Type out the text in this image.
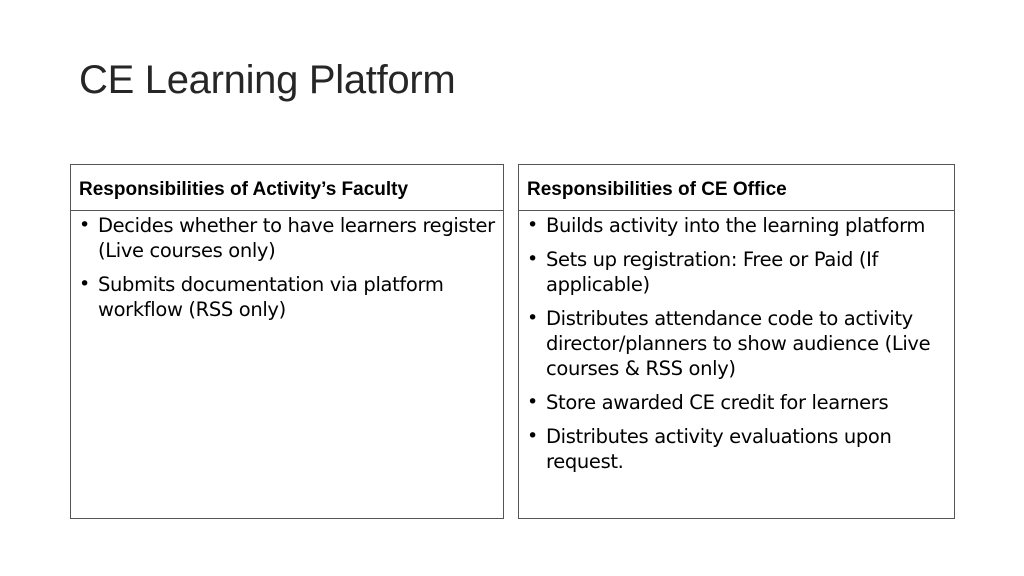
CE Learning Platform
Responsibilities of Activity’s Faculty
• Decides whether to have learners register (Live courses only)
• Submits documentation via platform workflow (RSS only)
Responsibilities of CE Office
• Builds activity into the learning platform
• Sets up registration: Free or Paid (If applicable)
• Distributes attendance code to activity director/planners to show audience (Live courses & RSS only)
• Store awarded CE credit for learners
• Distributes activity evaluations upon request.
